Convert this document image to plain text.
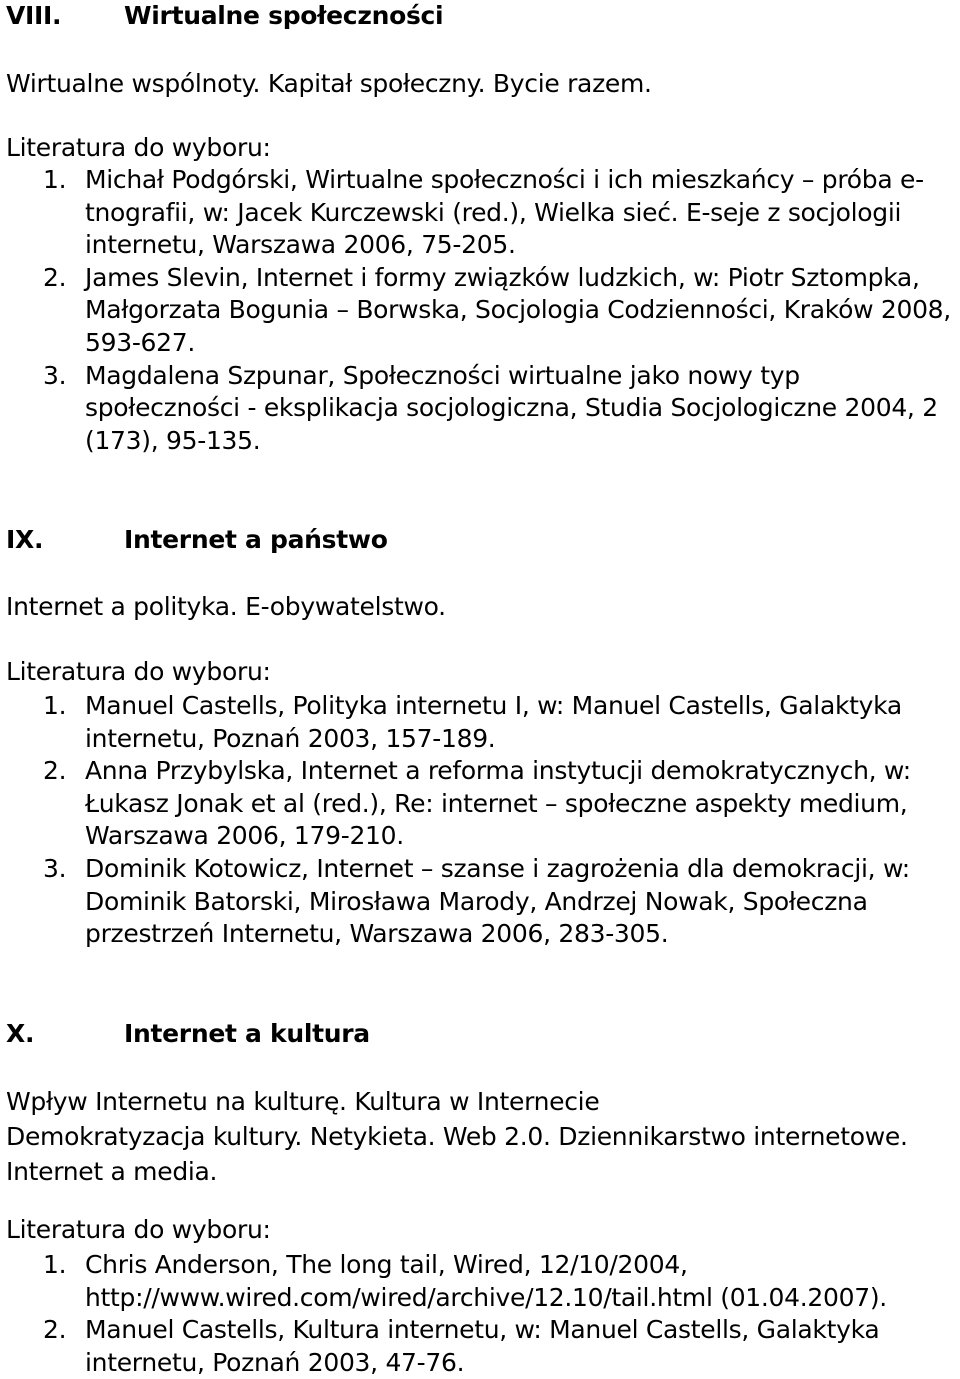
VIII.	Wirtualne społeczności

Wirtualne wspólnoty. Kapitał społeczny. Bycie razem.

Literatura do wyboru:

1. Michał Podgórski, Wirtualne społeczności i ich mieszkańcy – próba e-tnografii, w: Jacek Kurczewski (red.), Wielka sieć. E-seje z socjologii internetu, Warszawa 2006, 75-205.
2. James Slevin, Internet i formy związków ludzkich, w: Piotr Sztompka, Małgorzata Bogunia – Borwska, Socjologia Codzienności, Kraków 2008, 593-627.
3. Magdalena Szpunar, Społeczności wirtualne jako nowy typ społeczności - eksplikacja socjologiczna, Studia Socjologiczne 2004, 2 (173), 95-135.
IX.	Internet a państwo

Internet a polityka. E-obywatelstwo.

Literatura do wyboru:

1. Manuel Castells, Polityka internetu I, w: Manuel Castells, Galaktyka internetu, Poznań 2003, 157-189.
2. Anna Przybylska, Internet a reforma instytucji demokratycznych, w: Łukasz Jonak et al (red.), Re: internet – społeczne aspekty medium, Warszawa 2006, 179-210.
3. Dominik Kotowicz, Internet – szanse i zagrożenia dla demokracji, w: Dominik Batorski, Mirosława Marody, Andrzej Nowak, Społeczna przestrzeń Internetu, Warszawa 2006, 283-305.
X.	Internet a kultura

Wpływ Internetu na kulturę. Kultura w Internecie
Demokratyzacja kultury. Netykieta. Web 2.0. Dziennikarstwo internetowe.
Internet a media.

Literatura do wyboru:

1. Chris Anderson, The long tail, Wired, 12/10/2004, http://www.wired.com/wired/archive/12.10/tail.html (01.04.2007).
2. Manuel Castells, Kultura internetu, w: Manuel Castells, Galaktyka internetu, Poznań 2003, 47-76.
